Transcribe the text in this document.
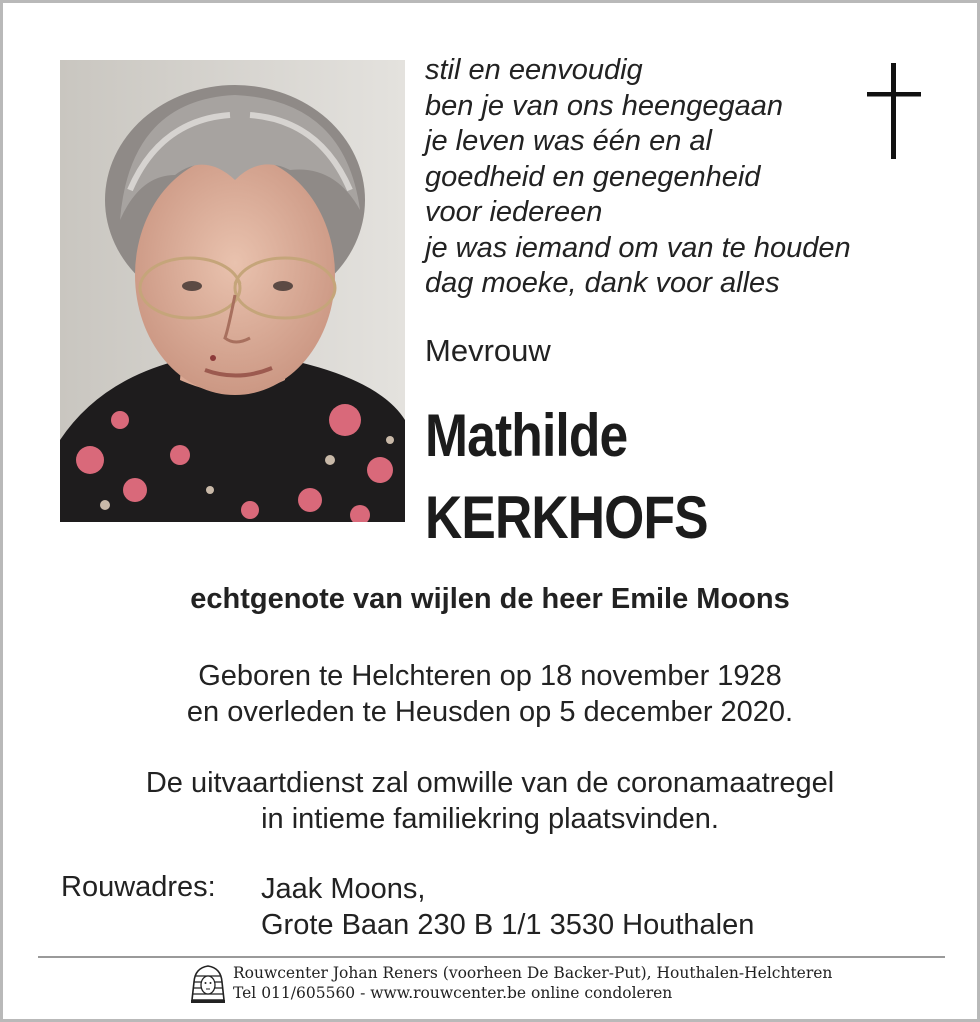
stil en eenvoudig
ben je van ons heengegaan
je leven was één en al
goedheid en genegenheid
voor iedereen
je was iemand om van te houden
dag moeke, dank voor alles
Mevrouw
Mathilde
KERKHOFS
echtgenote van wijlen de heer Emile Moons
Geboren te Helchteren op 18 november 1928
en overleden te Heusden op 5 december 2020.
De uitvaartdienst zal omwille van de coronamaatregel
in intieme familiekring plaatsvinden.
Rouwadres: Jaak Moons,
Grote Baan 230 B 1/1 3530 Houthalen
Rouwcenter Johan Reners (voorheen De Backer-Put), Houthalen-Helchteren
Tel 011/605560 - www.rouwcenter.be online condoleren
